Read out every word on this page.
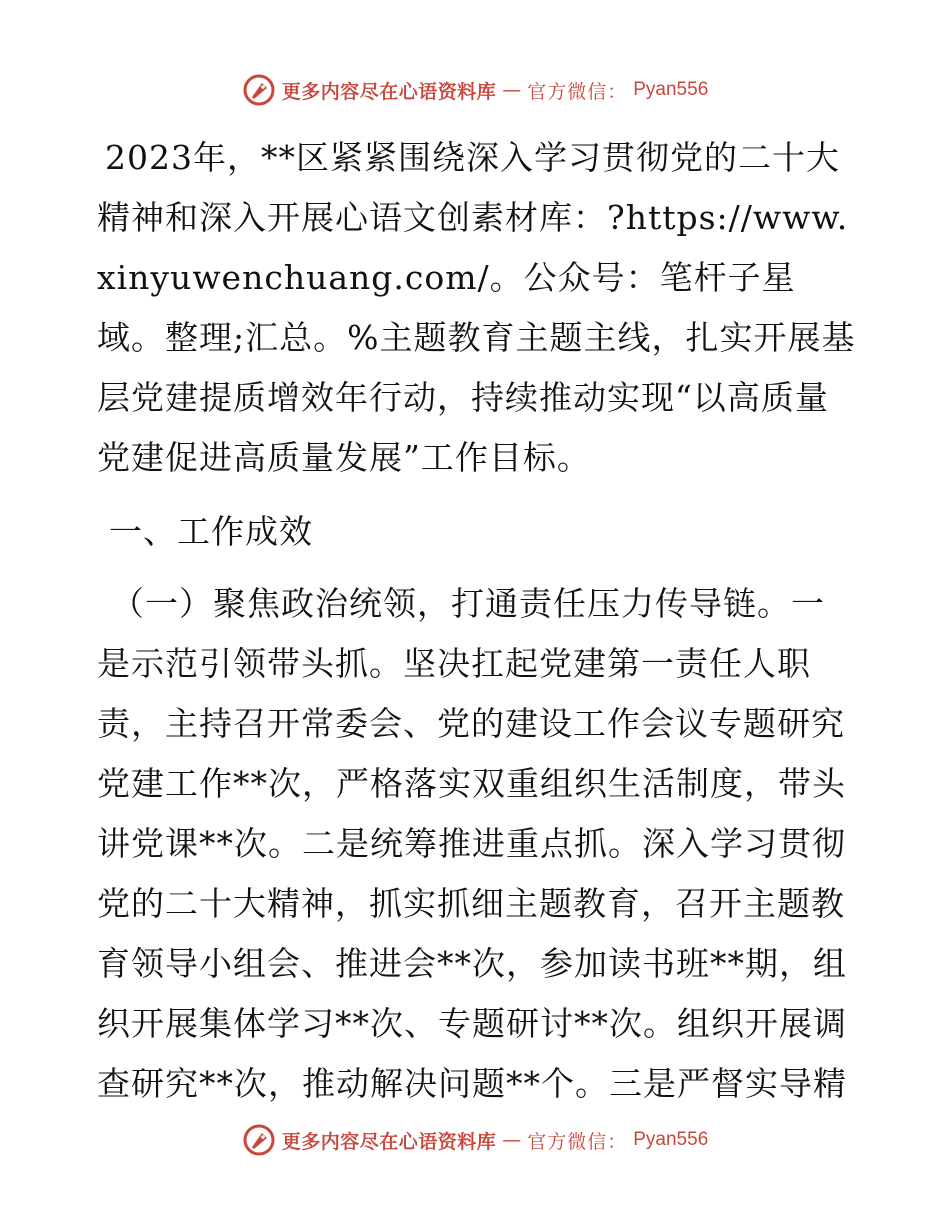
更多内容尽在心语资料库 — 官方微信： Pyan556

2023年，**区紧紧围绕深入学习贯彻党的二十大精神和深入开展心语文创素材库：?https://www.xinyuwenchuang.com/。公众号：笔杆子星域。整理;汇总。%主题教育主题主线，扎实开展基层党建提质增效年行动，持续推动实现“以高质量党建促进高质量发展”工作目标。

一、工作成效

（一）聚焦政治统领，打通责任压力传导链。一是示范引领带头抓。坚决扛起党建第一责任人职责，主持召开常委会、党的建设工作会议专题研究党建工作**次，严格落实双重组织生活制度，带头讲党课**次。二是统筹推进重点抓。深入学习贯彻党的二十大精神，抓实抓细主题教育，召开主题教育领导小组会、推进会**次，参加读书班**期，组织开展集体学习**次、专题研讨**次。组织开展调查研究**次，推动解决问题**个。三是严督实导精

更多内容尽在心语资料库 — 官方微信： Pyan556
